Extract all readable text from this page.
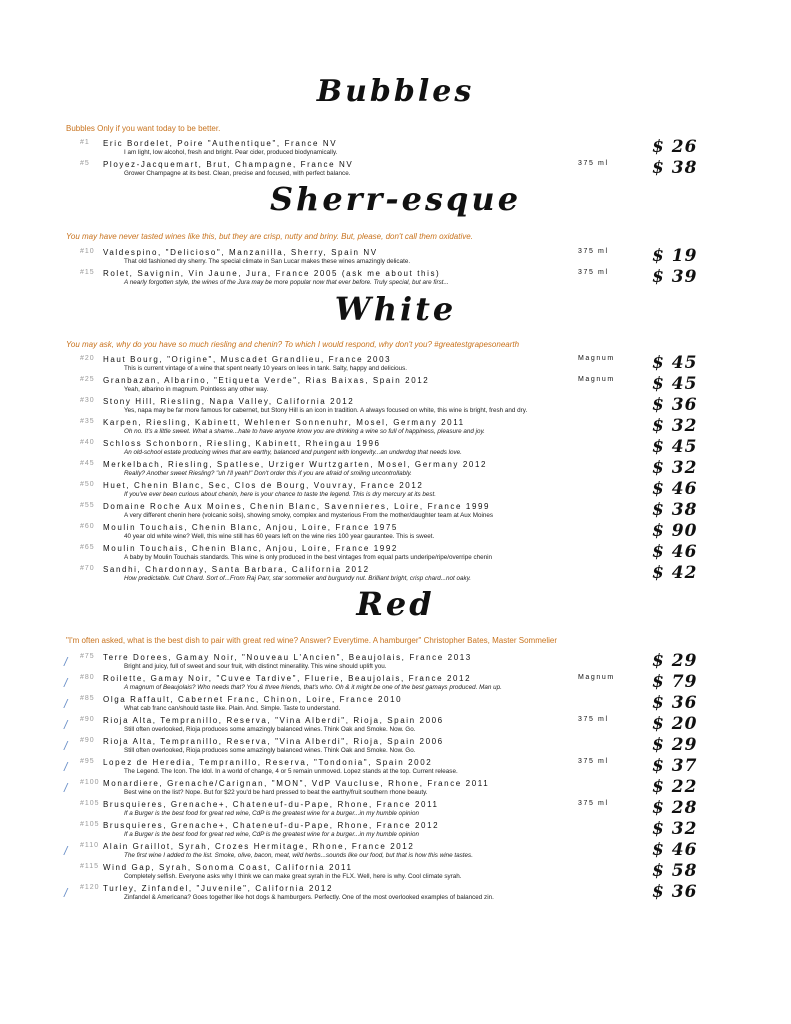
Bubbles
Bubbles Only if you want today to be better.
#1	Eric Bordelet, Poire "Authentique", France NV
I am light, low alcohol, fresh and bright. Pear cider, produced biodynamically.	$ 26
#5	Ployez-Jacquemart, Brut, Champagne, France NV
Grower Champagne at its best. Clean, precise and focused, with perfect balance.
375 ml	$ 38
Sherr-esque
You may have never tasted wines like this, but they are crisp, nutty and briny. But, please, don't call them oxidative.
#10	Valdespino, "Delicioso", Manzanilla, Sherry, Spain NV
That old fashioned dry sherry. The special climate in San Lucar makes these wines amazingly delicate.
375 ml	$ 19
#15	Rolet, Savignin, Vin Jaune, Jura, France 2005 (ask me about this)
A nearly forgotten style, the wines of the Jura may be more popular now that ever before. Truly special, but are first...
375 ml	$ 39
White
You may ask, why do you have so much riesling and chenin? To which I would respond, why don't you? #greatestgrapesonearth
#20	Haut Bourg, "Origine", Muscadet Grandlieu, France 2003
This is current vintage of a wine that spent nearly 10 years on lees in tank. Salty, happy and delicious.
Magnum $ 45
#25	Granbazan, Albarino, "Etiqueta Verde", Rias Baixas, Spain 2012
Yeah, albarino in magnum. Pointless any other way.
Magnum $ 45
#30	Stony Hill, Riesling, Napa Valley, California 2012
Yes, napa may be far more famous for cabernet, but Stony Hill is an icon in tradition. A always focused on white, this wine is bright, fresh and dry.	$ 36
#35	Karpen, Riesling, Kabinett, Wehlener Sonnenuhr, Mosel, Germany 2011
Oh no. It's a little sweet. What a shame...hate to have anyone know you are drinking a wine so full of happiness, pleasure and joy.	$ 32
#40	Schloss Schonborn, Riesling, Kabinett, Rheingau 1996
An old-school estate producing wines that are earthy, balanced and pungent with longevity...an underdog that needs love.	$ 45
#45	Merkelbach, Riesling, Spatlese, Urziger Wurtzgarten, Mosel, Germany 2012
Really? Another sweet Riesling? "uh I'll yeah!" Don't order this if you are afraid of smiling uncontrollably.	$ 32
#50	Huet, Chenin Blanc, Sec, Clos de Bourg, Vouvray, France 2012
If you've ever been curious about chenin, here is your chance to taste the legend. This is dry mercury at its best.	$ 46
#55	Domaine Roche Aux Moines, Chenin Blanc, Savennieres, Loire, France 1999
A very different chenin here (volcanic soils), showing smoky, complex and mysterious From the mother/daughter team at Aux Moines	$ 38
#60	Moulin Touchais, Chenin Blanc, Anjou, Loire, France 1975
40 year old white wine? Well, this wine still has 60 years left on the wine ries 100 year gaurantee. This is sweet.	$ 90
#65	Moulin Touchais, Chenin Blanc, Anjou, Loire, France 1992
A baby by Moulin Touchais standards. This wine is only produced in the best vintages from equal parts underipe/ripe/overripe chenin	$ 46
#70	Sandhi, Chardonnay, Santa Barbara, California 2012
How predictable. Cult Chard. Sort of...From Raj Parr, star sommelier and burgundy nut. Brilliant bright, crisp chard...not oaky.	$ 42
Red
"I'm often asked, what is the best dish to pair with great red wine? Answer? Everytime. A hamburger" Christopher Bates, Master Sommelier
/ #75	Terre Dorees, Gamay Noir, "Nouveau L'Ancien", Beaujolais, France 2013
Bright and juicy, full of sweet and sour fruit, with distinct minerallity. This wine should uplift you.	$ 29
/ #80	Roilette, Gamay Noir, "Cuvee Tardive", Fluerie, Beaujolais, France 2012
A magnum of Beaujolais? Who needs that? You & three friends, that's who. Oh & it might be one of the best gamays produced. Man up.
Magnum $ 79
/ #85	Olga Raffault, Cabernet Franc, Chinon, Loire, France 2010
What cab franc can/should taste like. Plain. And. Simple. Taste to understand.	$ 36
/ #90	Rioja Alta, Tempranillo, Reserva, "Vina Alberdi", Rioja, Spain 2006
Still often overlooked, Rioja produces some amazingly balanced wines. Think Oak and Smoke. Now. Go.
375 ml	$ 20
/ #90	Rioja Alta, Tempranillo, Reserva, "Vina Alberdi", Rioja, Spain 2006
Still often overlooked, Rioja produces some amazingly balanced wines. Think Oak and Smoke. Now. Go.	$ 29
/ #95	Lopez de Heredia, Tempranillo, Reserva, "Tondonia", Spain 2002
The Legend. The Icon. The Idol. In a world of change, 4 or 5 remain unmoved. Lopez stands at the top. Current release.
375 ml	$ 37
/ #100 Monardiere, Grenache/Carignan, "MON", VdP Vaucluse, Rhone, France 2011
Best wine on the list? Nope. But for $22 you'd be hard pressed to beat the earthy/fruit southern rhone beauty.	$ 22
#105 Brusquieres, Grenache+, Chateneuf-du-Pape, Rhone, France 2011
If a Burger is the best food for great red wine, CdP is the greatest wine for a burger...in my humble opinion
375 ml	$ 28
#105 Brusquieres, Grenache+, Chateneuf-du-Pape, Rhone, France 2012
If a Burger is the best food for great red wine, CdP is the greatest wine for a burger...in my humble opinion	$ 32
/ #110 Alain Graillot, Syrah, Crozes Hermitage, Rhone, France 2012
The first wine I added to the list. Smoke, olive, bacon, meat, wild herbs...sounds like our food, but that is how this wine tastes.	$ 46
#115 Wind Gap, Syrah, Sonoma Coast, California 2011
Completely selfish. Everyone asks why I think we can make great syrah in the FLX. Well, here is why. Cool climate syrah.	$ 58
/ #120 Turley, Zinfandel, "Juvenile", California 2012
Zinfandel & Americana? Goes together like hot dogs & hamburgers. Perfectly. One of the most overlooked examples of balanced zin.	$ 36
